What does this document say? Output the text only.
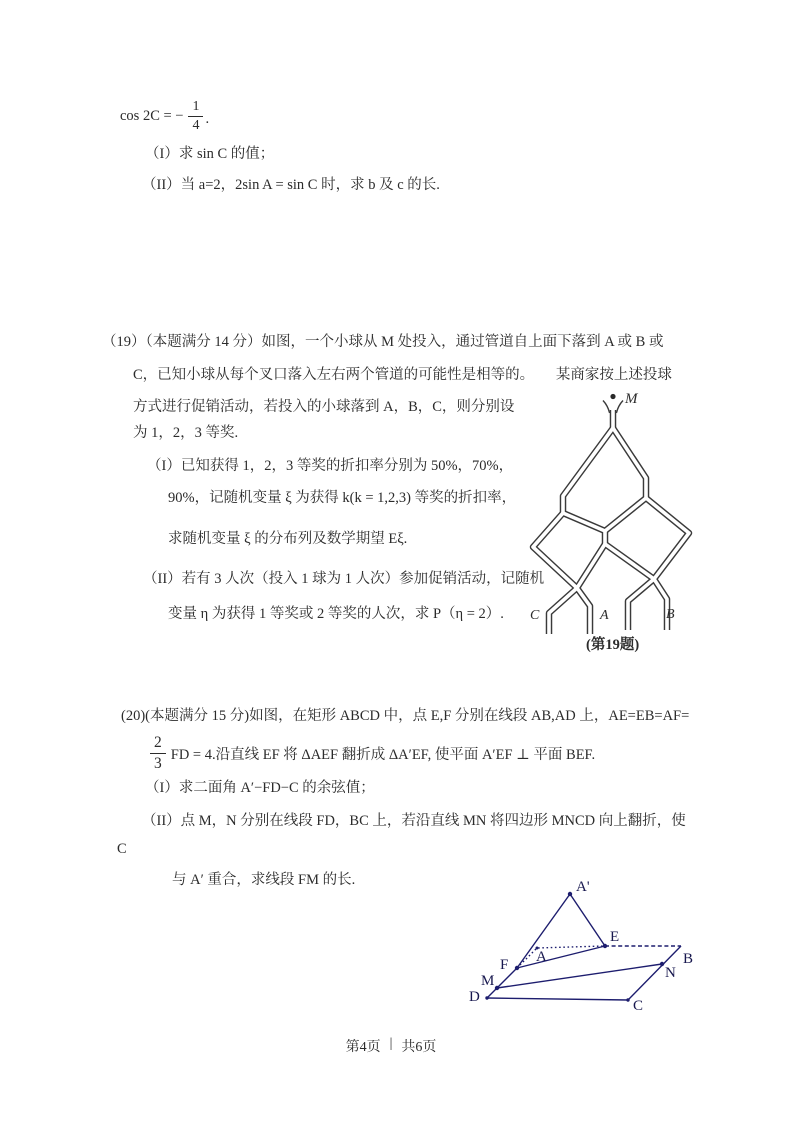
cos 2C = − $\frac{1}{4}$ .
（I）求 sin C 的值；
（II）当 a=2，2sin A = sin C 时，求 b 及 c 的长.
（19）（本题满分 14 分）如图，一个小球从 M 处投入，通过管道自上面下落到 A 或 B 或
C，已知小球从每个叉口落入左右两个管道的可能性是相等的。　　某商家按上述投球
方式进行促销活动，若投入的小球落到 A，B，C，则分别设
为 1，2，3 等奖.
（I）已知获得 1，2，3 等奖的折扣率分别为 50%，70%，
90%，记随机变量 ξ 为获得 k(k = 1,2,3) 等奖的折扣率，
求随机变量 ξ 的分布列及数学期望 Eξ.
（II）若有 3 人次（投入 1 球为 1 人次）参加促销活动，记随机
变量 η 为获得 1 等奖或 2 等奖的人次，求 P（η = 2）.
M
C	A	B
(第19题)
(20)(本题满分 15 分)如图，在矩形 ABCD 中，点 E,F 分别在线段 AB,AD 上，AE=EB=AF=
$\frac{2}{3}$ FD = 4.沿直线 EF 将 ΔAEF 翻折成 ΔA′EF, 使平面 A′EF ⊥ 平面 BEF.
（I）求二面角 A′−FD−C 的余弦值；
（II）点 M，N 分别在线段 FD，BC 上，若沿直线 MN 将四边形 MNCD 向上翻折，使
C
与 A′ 重合，求线段 FM 的长.	A'
E
B
A
F
M
D
C
N
第4页 | 共6页
